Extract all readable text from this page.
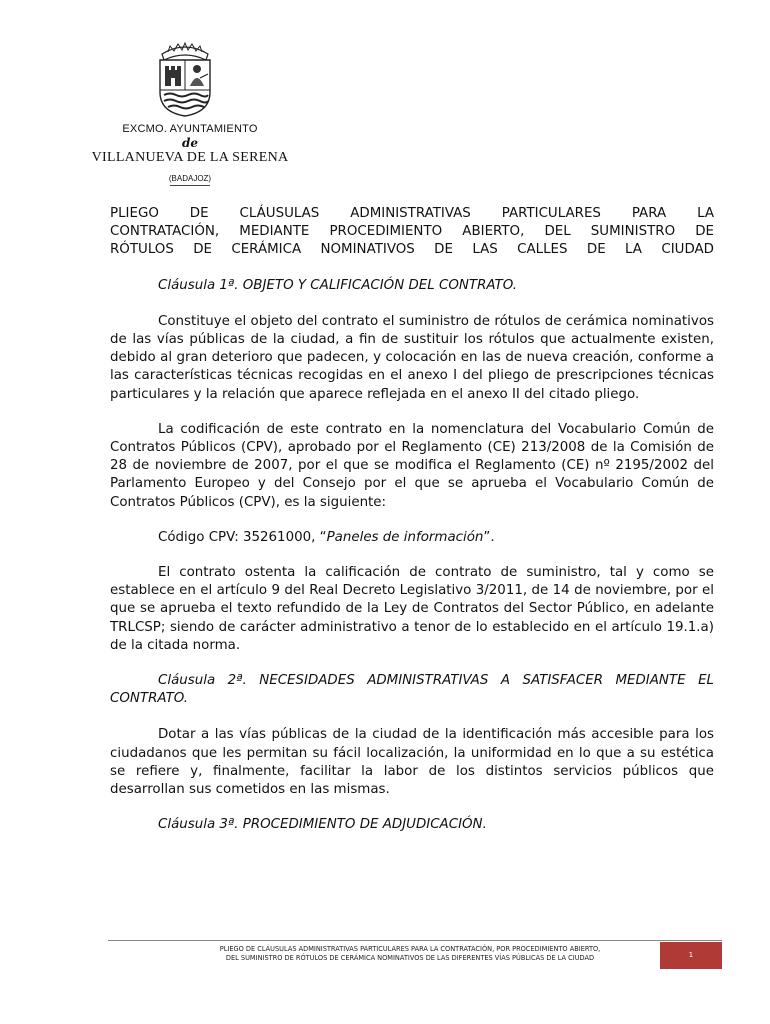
EXCMO. AYUNTAMIENTO
de
VILLANUEVA DE LA SERENA
(BADAJOZ)
PLIEGO DE CLÁUSULAS ADMINISTRATIVAS PARTICULARES PARA LA
CONTRATACIÓN, MEDIANTE PROCEDIMIENTO ABIERTO, DEL SUMINISTRO DE
RÓTULOS DE CERÁMICA NOMINATIVOS DE LAS CALLES DE LA CIUDAD

Cláusula 1ª. OBJETO Y CALIFICACIÓN DEL CONTRATO.

Constituye el objeto del contrato el suministro de rótulos de cerámica nominativos de las vías públicas de la ciudad, a fin de sustituir los rótulos que actualmente existen, debido al gran deterioro que padecen, y colocación en las de nueva creación, conforme a las características técnicas recogidas en el anexo I del pliego de prescripciones técnicas particulares y la relación que aparece reflejada en el anexo II del citado pliego.

La codificación de este contrato en la nomenclatura del Vocabulario Común de Contratos Públicos (CPV), aprobado por el Reglamento (CE) 213/2008 de la Comisión de 28 de noviembre de 2007, por el que se modifica el Reglamento (CE) nº 2195/2002 del Parlamento Europeo y del Consejo por el que se aprueba el Vocabulario Común de Contratos Públicos (CPV), es la siguiente:

Código CPV: 35261000, “Paneles de información”.

El contrato ostenta la calificación de contrato de suministro, tal y como se establece en el artículo 9 del Real Decreto Legislativo 3/2011, de 14 de noviembre, por el que se aprueba el texto refundido de la Ley de Contratos del Sector Público, en adelante TRLCSP; siendo de carácter administrativo a tenor de lo establecido en el artículo 19.1.a) de la citada norma.

Cláusula 2ª. NECESIDADES ADMINISTRATIVAS A SATISFACER MEDIANTE EL CONTRATO.

Dotar a las vías públicas de la ciudad de la identificación más accesible para los ciudadanos que les permitan su fácil localización, la uniformidad en lo que a su estética se refiere y, finalmente, facilitar la labor de los distintos servicios públicos que desarrollan sus cometidos en las mismas.

Cláusula 3ª. PROCEDIMIENTO DE ADJUDICACIÓN.

PLIEGO DE CLÁUSULAS ADMINISTRATIVAS PARTICULARES PARA LA CONTRATACIÓN, POR PROCEDIMIENTO ABIERTO,
DEL SUMINISTRO DE RÓTULOS DE CERÁMICA NOMINATIVOS DE LAS DIFERENTES VÍAS PÚBLICAS DE LA CIUDAD	1
